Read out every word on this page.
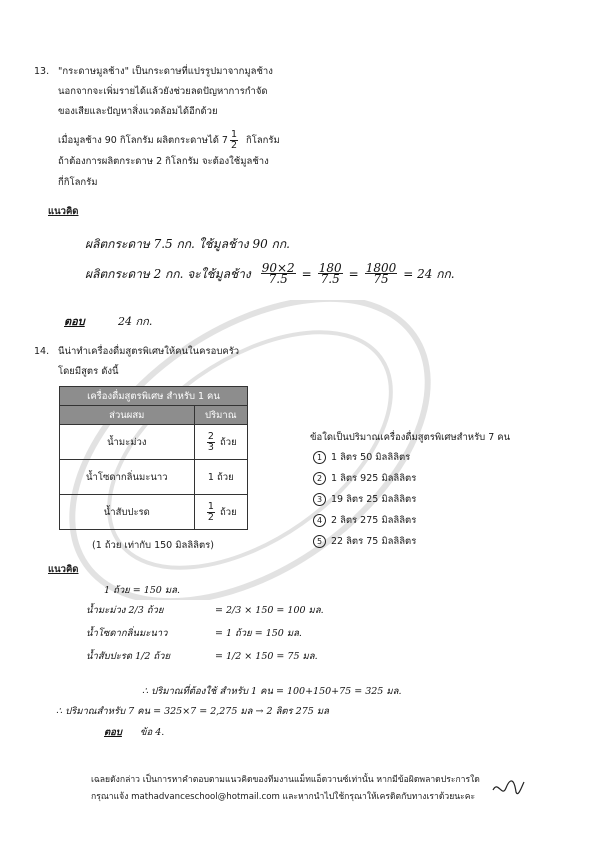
13. "กระดาษมูลช้าง" เป็นกระดาษที่แปรรูปมาจากมูลช้าง
นอกจากจะเพิ่มรายได้แล้วยังช่วยลดปัญหาการกำจัด
ของเสียและปัญหาสิ่งแวดล้อมได้อีกด้วย
เมื่อมูลช้าง 90 กิโลกรัม ผลิตกระดาษได้ $7 \frac{1}{2}$ กิโลกรัม
ถ้าต้องการผลิตกระดาษ 2 กิโลกรัม จะต้องใช้มูลช้าง
กี่กิโลกรัม
แนวคิด
ผลิตกระดาษ 7.5 กก. ใช้มูลช้าง 90 กก.
ผลิตกระดาษ 2 กก. จะใช้มูลช้าง $\frac{90\times 2}{7.5} = \frac{180}{7.5} = \frac{1800}{75} = 24$ กก.
ตอบ	24 กก.
14. นีน่าทำเครื่องดื่มสูตรพิเศษให้คนในครอบครัว
โดยมีสูตร ดังนี้
เครื่องดื่มสูตรพิเศษ สำหรับ 1 คน	
ส่วนผสม	ปริมาณ
น้ำมะม่วง	$\frac{2}{3}$ ถ้วย
น้ำโซดากลิ่นมะนาว	1 ถ้วย
น้ำสับปะรด	$\frac{1}{2}$ ถ้วย
(1 ถ้วย เท่ากับ 150 มิลลิลิตร)
ข้อใดเป็นปริมาณเครื่องดื่มสูตรพิเศษสำหรับ 7 คน
1 1 ลิตร 50 มิลลิลิตร
2 1 ลิตร 925 มิลลิลิตร
3 19 ลิตร 25 มิลลิลิตร
4 2 ลิตร 275 มิลลิลิตร
5 22 ลิตร 75 มิลลิลิตร
แนวคิด
1 ถ้วย = 150 มล.
น้ำมะม่วง 2/3 ถ้วย	= 2/3 × 150 = 100 มล.
น้ำโซดากลิ่นมะนาว	= 1 ถ้วย = 150 มล.
น้ำสับปะรด 1/2 ถ้วย	= 1/2 × 150 = 75 มล.
∴ ปริมาณที่ต้องใช้ สำหรับ 1 คน = 100+150+75 = 325 มล.
∴ ปริมาณสำหรับ 7 คน = 325×7 = 2,275 มล → 2 ลิตร 275 มล
ตอบ ข้อ 4.
เฉลยดังกล่าว เป็นการหาคำตอบตามแนวคิดของทีมงานแม็ทแอ็ดวานซ์เท่านั้น หากมีข้อผิดพลาดประการใด
กรุณาแจ้ง mathadvanceschool@hotmail.com และหากนำไปใช้กรุณาให้เครดิตกับทางเราด้วยนะคะ
